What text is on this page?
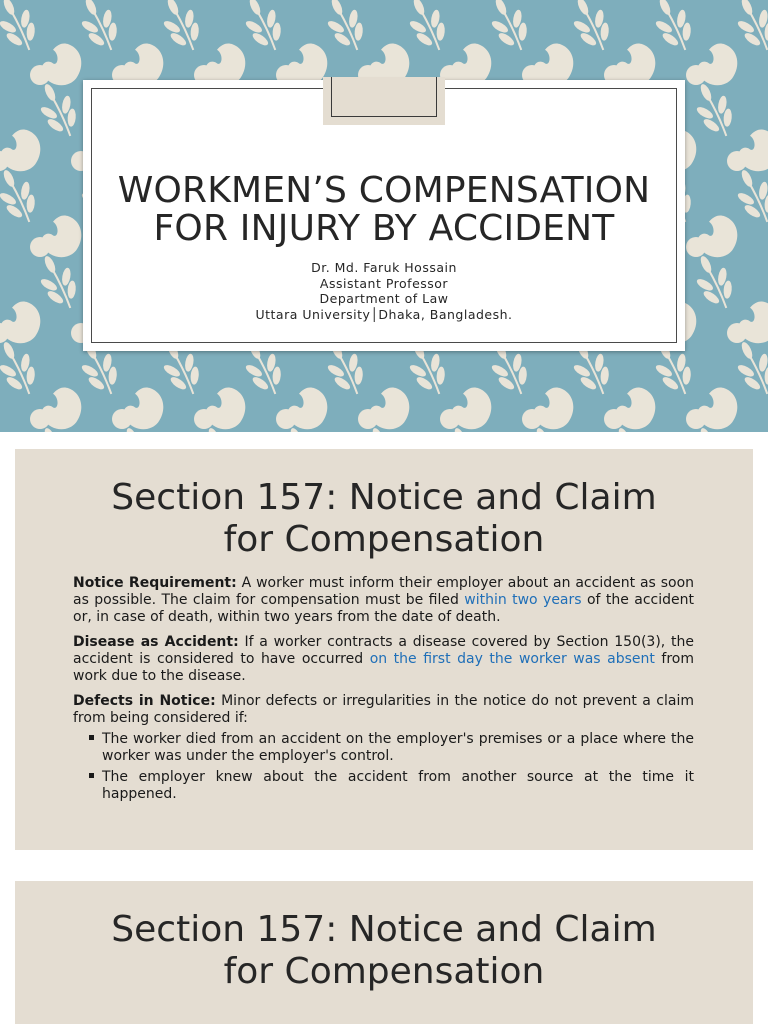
WORKMEN’S COMPENSATION
FOR INJURY BY ACCIDENT
Dr. Md. Faruk Hossain
Assistant Professor
Department of Law
Uttara University│Dhaka, Bangladesh.
Section 157: Notice and Claim
for Compensation
Notice Requirement: A worker must inform their employer about an accident as soon as possible. The claim for compensation must be filed within two years of the accident or, in case of death, within two years from the date of death.
Disease as Accident: If a worker contracts a disease covered by Section 150(3), the accident is considered to have occurred on the first day the worker was absent from work due to the disease.
Defects in Notice: Minor defects or irregularities in the notice do not prevent a claim from being considered if:
The worker died from an accident on the employer's premises or a place where the worker was under the employer's control.
The employer knew about the accident from another source at the time it happened.
Section 157: Notice and Claim
for Compensation
